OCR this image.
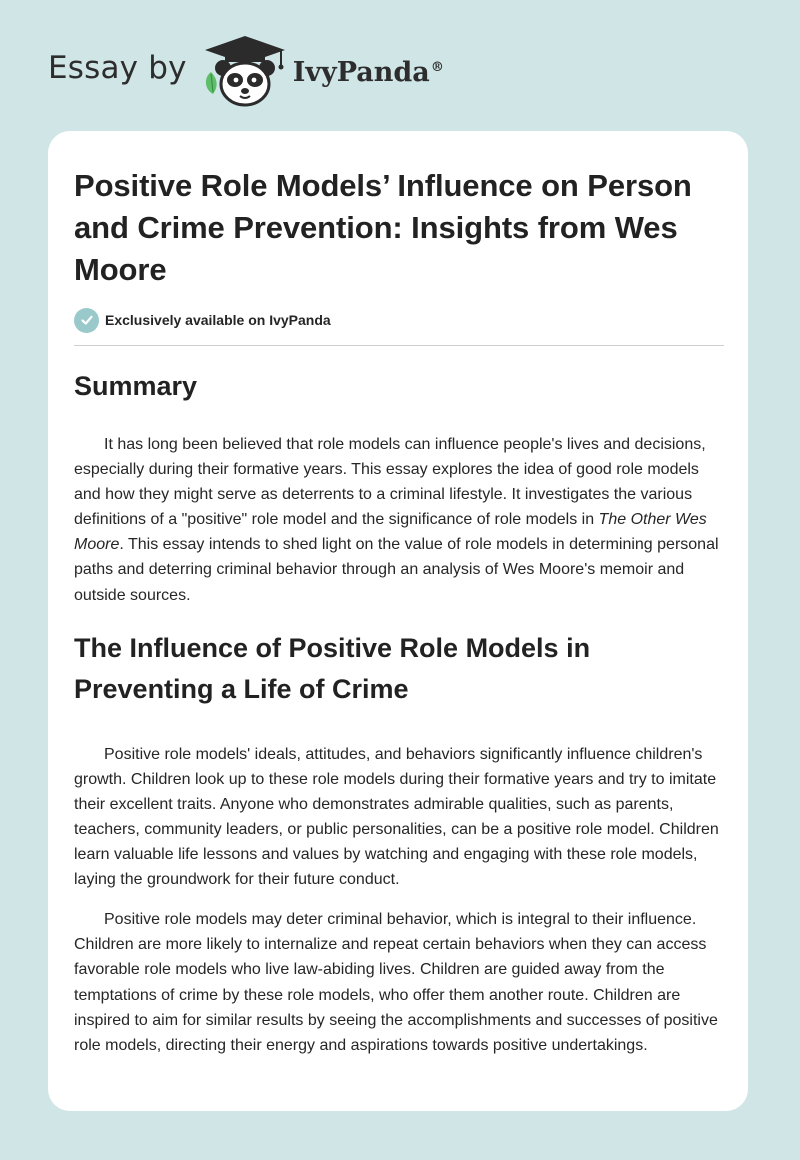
Essay by	IvyPanda®
Positive Role Models’ Influence on Person and Crime Prevention: Insights from Wes Moore
Exclusively available on IvyPanda
Summary

It has long been believed that role models can influence people's lives and decisions, especially during their formative years. This essay explores the idea of good role models and how they might serve as deterrents to a criminal lifestyle. It investigates the various definitions of a "positive" role model and the significance of role models in The Other Wes Moore. This essay intends to shed light on the value of role models in determining personal paths and deterring criminal behavior through an analysis of Wes Moore's memoir and outside sources.

The Influence of Positive Role Models in Preventing a Life of Crime

Positive role models' ideals, attitudes, and behaviors significantly influence children's growth. Children look up to these role models during their formative years and try to imitate their excellent traits. Anyone who demonstrates admirable qualities, such as parents, teachers, community leaders, or public personalities, can be a positive role model. Children learn valuable life lessons and values by watching and engaging with these role models, laying the groundwork for their future conduct.

Positive role models may deter criminal behavior, which is integral to their influence. Children are more likely to internalize and repeat certain behaviors when they can access favorable role models who live law-abiding lives. Children are guided away from the temptations of crime by these role models, who offer them another route. Children are inspired to aim for similar results by seeing the accomplishments and successes of positive role models, directing their energy and aspirations towards positive undertakings.
